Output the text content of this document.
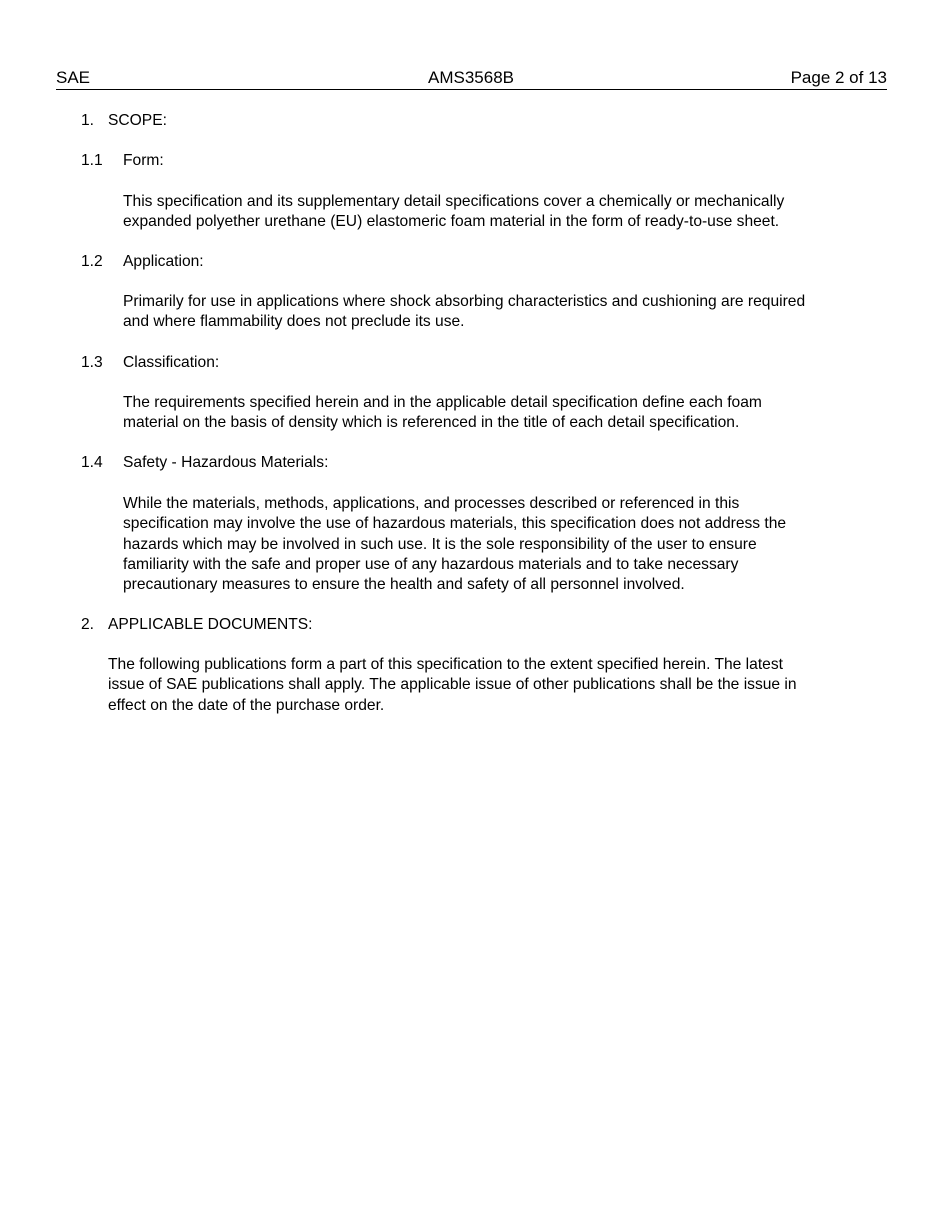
SAE	AMS3568B	Page 2 of 13
1. SCOPE:
1.1 Form:
This specification and its supplementary detail specifications cover a chemically or mechanically
expanded polyether urethane (EU) elastomeric foam material in the form of ready-to-use sheet.
1.2 Application:
Primarily for use in applications where shock absorbing characteristics and cushioning are required
and where flammability does not preclude its use.
1.3 Classification:
The requirements specified herein and in the applicable detail specification define each foam
material on the basis of density which is referenced in the title of each detail specification.
1.4 Safety - Hazardous Materials:
While the materials, methods, applications, and processes described or referenced in this
specification may involve the use of hazardous materials, this specification does not address the
hazards which may be involved in such use. It is the sole responsibility of the user to ensure
familiarity with the safe and proper use of any hazardous materials and to take necessary
precautionary measures to ensure the health and safety of all personnel involved.
2. APPLICABLE DOCUMENTS:
The following publications form a part of this specification to the extent specified herein. The latest
issue of SAE publications shall apply. The applicable issue of other publications shall be the issue in
effect on the date of the purchase order.
